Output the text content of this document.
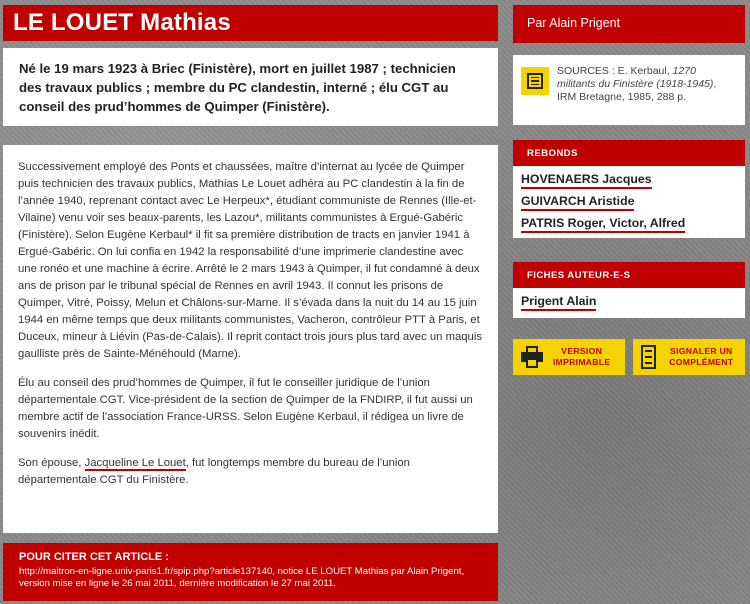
LE LOUET Mathias
Né le 19 mars 1923 à Briec (Finistère), mort en juillet 1987 ; technicien des travaux publics ; membre du PC clandestin, interné ; élu CGT au conseil des prud’hommes de Quimper (Finistère).

Successivement employé des Ponts et chaussées, maître d’internat au lycée de Quimper puis technicien des travaux publics, Mathias Le Louet adhéra au PC clandestin à la fin de l’année 1940, reprenant contact avec Le Herpeux*, étudiant communiste de Rennes (Ille-et-Vilaine) venu voir ses beaux-parents, les Lazou*, militants communistes à Ergué-Gabéric (Finistère). Selon Eugène Kerbaul* il fit sa première distribution de tracts en janvier 1941 à Ergué-Gabéric. On lui confia en 1942 la responsabilité d’une imprimerie clandestine avec une ronéo et une machine à écrire. Arrêté le 2 mars 1943 à Quimper, il fut condamné à deux ans de prison par le tribunal spécial de Rennes en avril 1943. Il connut les prisons de Quimper, Vitré, Poissy, Melun et Châlons-sur-Marne. Il s’évada dans la nuit du 14 au 15 juin 1944 en même temps que deux militants communistes, Vacheron, contrôleur PTT à Paris, et Duceux, mineur à Liévin (Pas-de-Calais). Il reprit contact trois jours plus tard avec un maquis gaulliste près de Sainte-Ménéhould (Marne).

Élu au conseil des prud’hommes de Quimper, il fut le conseiller juridique de l’union départementale CGT. Vice-président de la section de Quimper de la FNDIRP, il fut aussi un membre actif de l’association France-URSS. Selon Eugène Kerbaul, il rédigea un livre de souvenirs inédit.

Son épouse, Jacqueline Le Louet, fut longtemps membre du bureau de l’union départementale CGT du Finistère.

POUR CITER CET ARTICLE :
http://maitron-en-ligne.univ-paris1.fr/spip.php?article137140, notice LE LOUET Mathias par Alain Prigent, version mise en ligne le 26 mai 2011, dernière modification le 27 mai 2011.
Par Alain Prigent
SOURCES : E. Kerbaul, 1270 militants du Finistère (1918-1945), IRM Bretagne, 1985, 288 p.
REBONDS
HOVENAERS Jacques
GUIVARCH Aristide
PATRIS Roger, Victor, Alfred
FICHES AUTEUR-E-S
Prigent Alain
VERSION IMPRIMABLE
SIGNALER UN COMPLÉMENT
